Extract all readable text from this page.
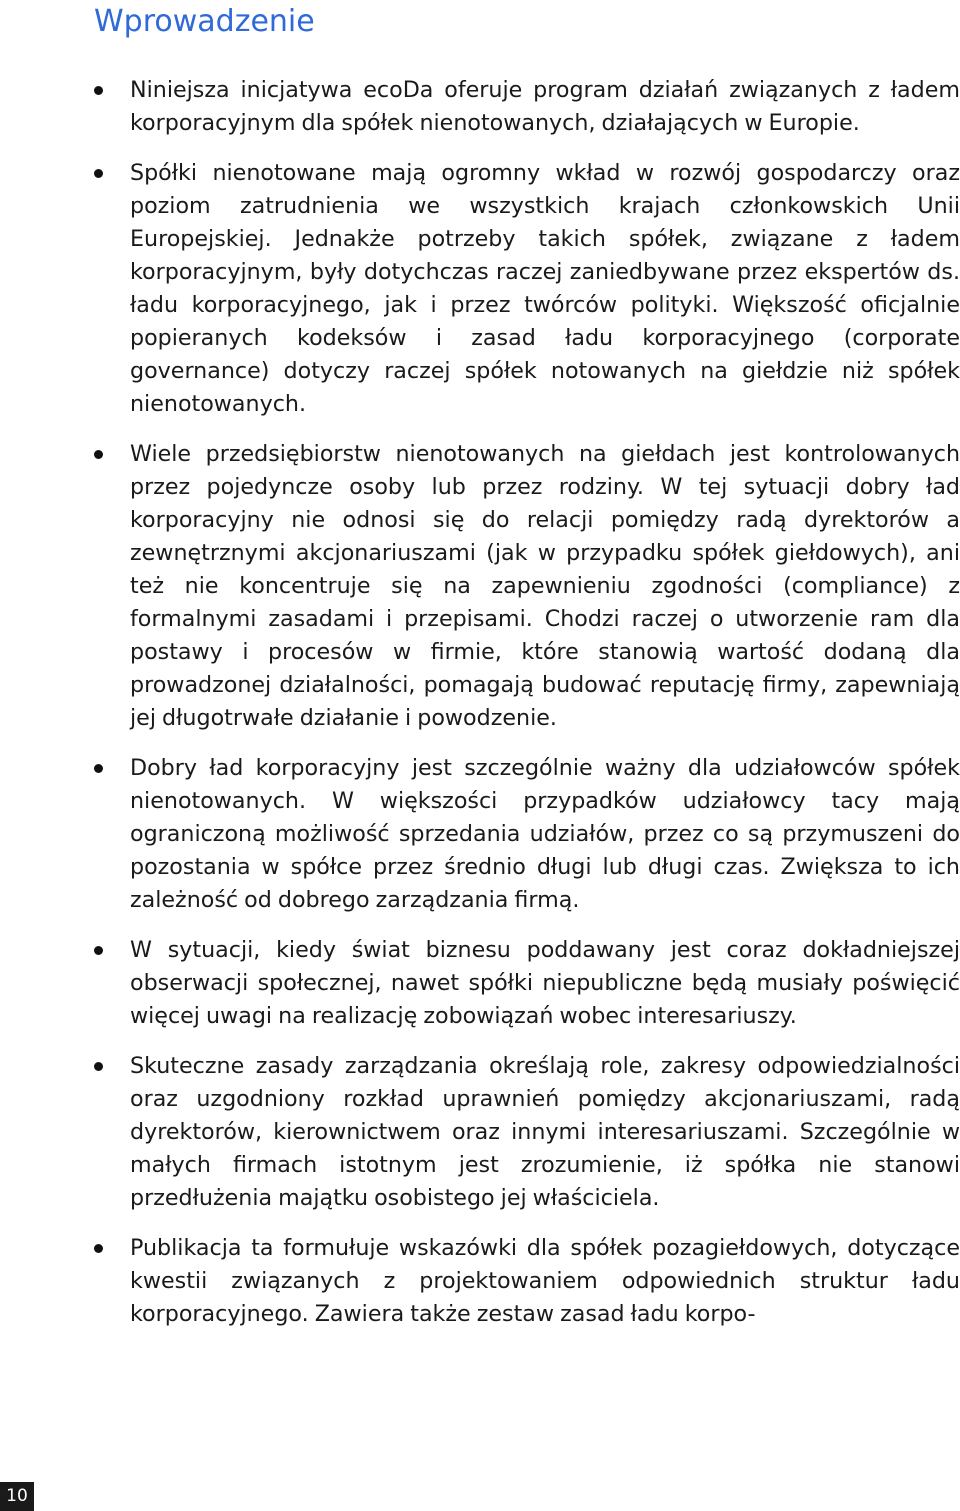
Wprowadzenie
Niniejsza inicjatywa ecoDa oferuje program działań związanych z ładem korporacyjnym dla spółek nienotowanych, działających w Europie.
Spółki nienotowane mają ogromny wkład w rozwój gospodarczy oraz poziom zatrudnienia we wszystkich krajach członkowskich Unii Europejskiej. Jednakże potrzeby takich spółek, związane z ładem korporacyjnym, były dotychczas raczej zaniedbywane przez ekspertów ds. ładu korporacyjnego, jak i przez twórców polityki. Większość oficjalnie popieranych kodeksów i zasad ładu korporacyjnego (corporate governance) dotyczy raczej spółek notowanych na giełdzie niż spółek nienotowanych.
Wiele przedsiębiorstw nienotowanych na giełdach jest kontrolowanych przez pojedyncze osoby lub przez rodziny. W tej sytuacji dobry ład korporacyjny nie odnosi się do relacji pomiędzy radą dyrektorów a zewnętrznymi akcjonariuszami (jak w przypadku spółek giełdowych), ani też nie koncentruje się na zapewnieniu zgodności (compliance) z formalnymi zasadami i przepisami. Chodzi raczej o utworzenie ram dla postawy i procesów w firmie, które stanowią wartość dodaną dla prowadzonej działalności, pomagają budować reputację firmy, zapewniają jej długotrwałe działanie i powodzenie.
Dobry ład korporacyjny jest szczególnie ważny dla udziałowców spółek nienotowanych. W większości przypadków udziałowcy tacy mają ograniczoną możliwość sprzedania udziałów, przez co są przymuszeni do pozostania w spółce przez średnio długi lub długi czas. Zwiększa to ich zależność od dobrego zarządzania firmą.
W sytuacji, kiedy świat biznesu poddawany jest coraz dokładniejszej obserwacji społecznej, nawet spółki niepubliczne będą musiały poświęcić więcej uwagi na realizację zobowiązań wobec interesariuszy.
Skuteczne zasady zarządzania określają role, zakresy odpowiedzialności oraz uzgodniony rozkład uprawnień pomiędzy akcjonariuszami, radą dyrektorów, kierownictwem oraz innymi interesariuszami. Szczególnie w małych firmach istotnym jest zrozumienie, iż spółka nie stanowi przedłużenia majątku osobistego jej właściciela.
Publikacja ta formułuje wskazówki dla spółek pozagiełdowych, dotyczące kwestii związanych z projektowaniem odpowiednich struktur ładu korporacyjnego. Zawiera także zestaw zasad ładu korpo-
10
